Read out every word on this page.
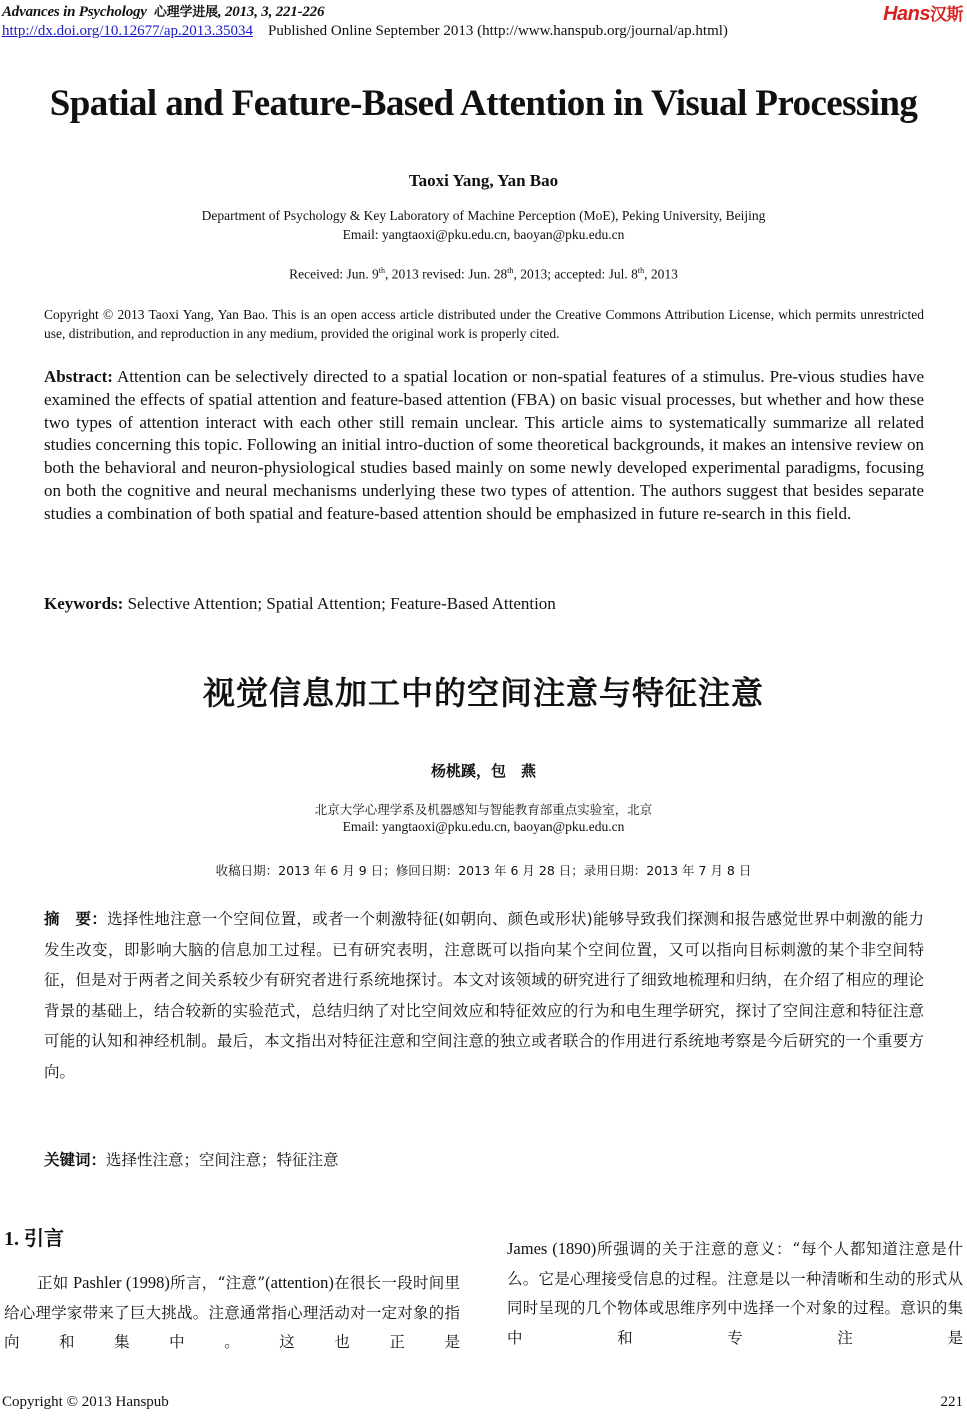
Advances in Psychology 心理学进展, 2013, 3, 221-226	Hans汉斯
http://dx.doi.org/10.12677/ap.2013.35034 Published Online September 2013 (http://www.hanspub.org/journal/ap.html)
Spatial and Feature-Based Attention in Visual Processing
Taoxi Yang, Yan Bao
Department of Psychology & Key Laboratory of Machine Perception (MoE), Peking University, Beijing
Email: yangtaoxi@pku.edu.cn, baoyan@pku.edu.cn
Received: Jun. 9th, 2013 revised: Jun. 28th, 2013; accepted: Jul. 8th, 2013
Copyright © 2013 Taoxi Yang, Yan Bao. This is an open access article distributed under the Creative Commons Attribution License, which permits unrestricted use, distribution, and reproduction in any medium, provided the original work is properly cited.
Abstract: Attention can be selectively directed to a spatial location or non-spatial features of a stimulus. Pre-vious studies have examined the effects of spatial attention and feature-based attention (FBA) on basic visual processes, but whether and how these two types of attention interact with each other still remain unclear. This article aims to systematically summarize all related studies concerning this topic. Following an initial intro-duction of some theoretical backgrounds, it makes an intensive review on both the behavioral and neuron-physiological studies based mainly on some newly developed experimental paradigms, focusing on both the cognitive and neural mechanisms underlying these two types of attention. The authors suggest that besides separate studies a combination of both spatial and feature-based attention should be emphasized in future re-search in this field.
Keywords: Selective Attention; Spatial Attention; Feature-Based Attention
视觉信息加工中的空间注意与特征注意
杨桃蹊，包　燕
北京大学心理学系及机器感知与智能教育部重点实验室，北京
Email: yangtaoxi@pku.edu.cn, baoyan@pku.edu.cn
收稿日期：2013 年 6 月 9 日；修回日期：2013 年 6 月 28 日；录用日期：2013 年 7 月 8 日
摘　要：选择性地注意一个空间位置，或者一个刺激特征(如朝向、颜色或形状)能够导致我们探测和报告感觉世界中刺激的能力发生改变，即影响大脑的信息加工过程。已有研究表明，注意既可以指向某个空间位置，又可以指向目标刺激的某个非空间特征，但是对于两者之间关系较少有研究者进行系统地探讨。本文对该领域的研究进行了细致地梳理和归纳，在介绍了相应的理论背景的基础上，结合较新的实验范式，总结归纳了对比空间效应和特征效应的行为和电生理学研究，探讨了空间注意和特征注意可能的认知和神经机制。最后，本文指出对特征注意和空间注意的独立或者联合的作用进行系统地考察是今后研究的一个重要方向。
关键词：选择性注意；空间注意；特征注意
1. 引言
正如 Pashler (1998)所言，“注意”(attention)在很长一段时间里给心理学家带来了巨大挑战。注意通常指心理活动对一定对象的指向和集中。这也正是
James (1890)所强调的关于注意的意义：“每个人都知道注意是什么。它是心理接受信息的过程。注意是以一种清晰和生动的形式从同时呈现的几个物体或思维序列中选择一个对象的过程。意识的集中和专注是
Copyright © 2013 Hanspub	221
